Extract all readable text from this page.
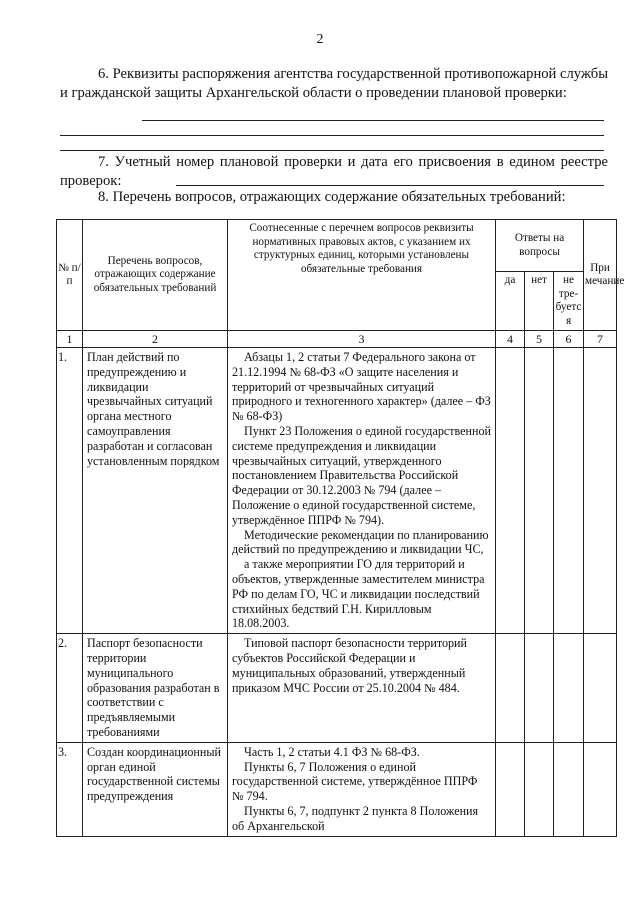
2
6. Реквизиты распоряжения агентства государственной противопожарной службы и гражданской защиты Архангельской области о проведении плановой проверки:
7. Учетный номер плановой проверки и дата его присвоения в едином реестре проверок:
8. Перечень вопросов, отражающих содержание обязательных требований:
№ п/п	Перечень вопросов, отражающих содержание обязательных требований	Соотнесенные с перечнем вопросов реквизиты нормативных правовых актов, с указанием их структурных единиц, которыми установлены обязательные требования	Ответы на вопросы			При мечание
			да	нет	не тре-буетс я	
1	2	3	4	5	6	7
1.	План действий по предупреждению и ликвидации чрезвычайных ситуаций органа местного самоуправления разработан и согласован установленным порядком	Абзацы 1, 2 статьи 7 Федерального закона от 21.12.1994 № 68-ФЗ «О защите населения и территорий от чрезвычайных ситуаций природного и техногенного характер» (далее – ФЗ № 68-ФЗ)

Пункт 23 Положения о единой государственной системе предупреждения и ликвидации чрезвычайных ситуаций, утвержденного постановлением Правительства Российской Федерации от 30.12.2003 № 794 (далее – Положение о единой государственной системе, утверждённое ППРФ № 794).

Методические рекомендации по планированию действий по предупреждению и ликвидации ЧС,

а также мероприятии ГО для территорий и объектов, утвержденные заместителем министра РФ по делам ГО, ЧС и ликвидации последствий стихийных бедствий Г.Н. Кирилловым 18.08.2003.				

2.	Паспорт безопасности территории муниципального образования разработан в соответствии с предъявляемыми требованиями	Типовой паспорт безопасности территорий субъектов Российской Федерации и муниципальных образований, утвержденный приказом МЧС России от 25.10.2004 № 484.				

3.	Создан координационный орган единой государственной системы предупреждения	Часть 1, 2 статьи 4.1 ФЗ № 68-ФЗ.

Пункты 6, 7 Положения о единой государственной системе, утверждённое ППРФ № 794.

Пункты 6, 7, подпункт 2 пункта 8 Положения об Архангельской				
